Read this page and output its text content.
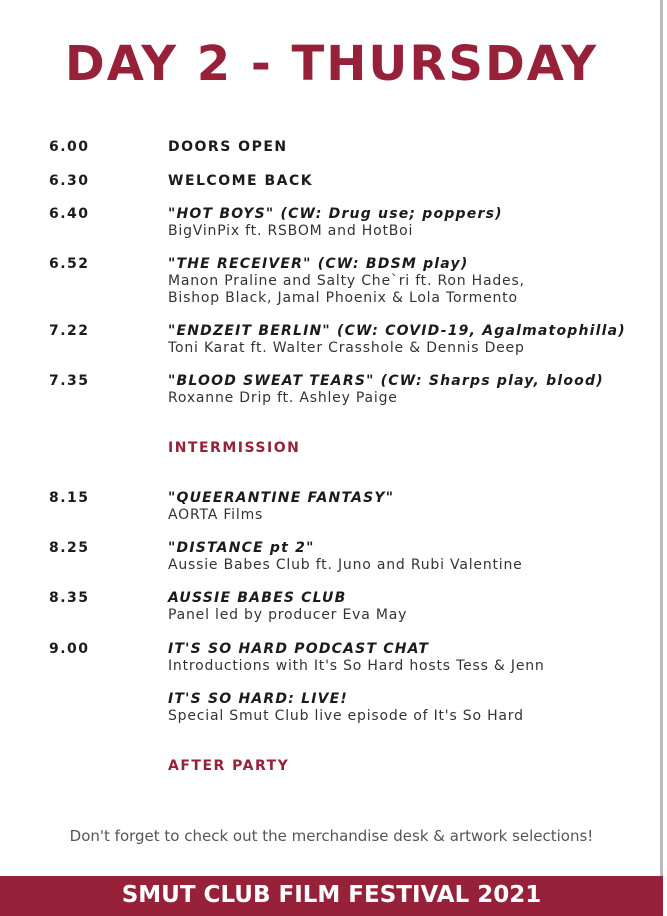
DAY 2 - THURSDAY
6.00	DOORS OPEN
6.30	WELCOME BACK
6.40	"HOT BOYS" (CW: Drug use; poppers)
BigVinPix ft. RSBOM and HotBoi
6.52	"THE RECEIVER" (CW: BDSM play)
Manon Praline and Salty Che`ri ft. Ron Hades,
Bishop Black, Jamal Phoenix & Lola Tormento
7.22	"ENDZEIT BERLIN" (CW: COVID-19, Agalmatophilla)
Toni Karat ft. Walter Crasshole & Dennis Deep
7.35	"BLOOD SWEAT TEARS" (CW: Sharps play, blood)
Roxanne Drip ft. Ashley Paige
INTERMISSION
8.15	"QUEERANTINE FANTASY"
AORTA Films
8.25	"DISTANCE pt 2"
Aussie Babes Club ft. Juno and Rubi Valentine
8.35	AUSSIE BABES CLUB
Panel led by producer Eva May
9.00	IT'S SO HARD PODCAST CHAT
Introductions with It's So Hard hosts Tess & Jenn
IT'S SO HARD: LIVE!
Special Smut Club live episode of It's So Hard
AFTER PARTY
Don't forget to check out the merchandise desk & artwork selections!
SMUT CLUB FILM FESTIVAL 2021
